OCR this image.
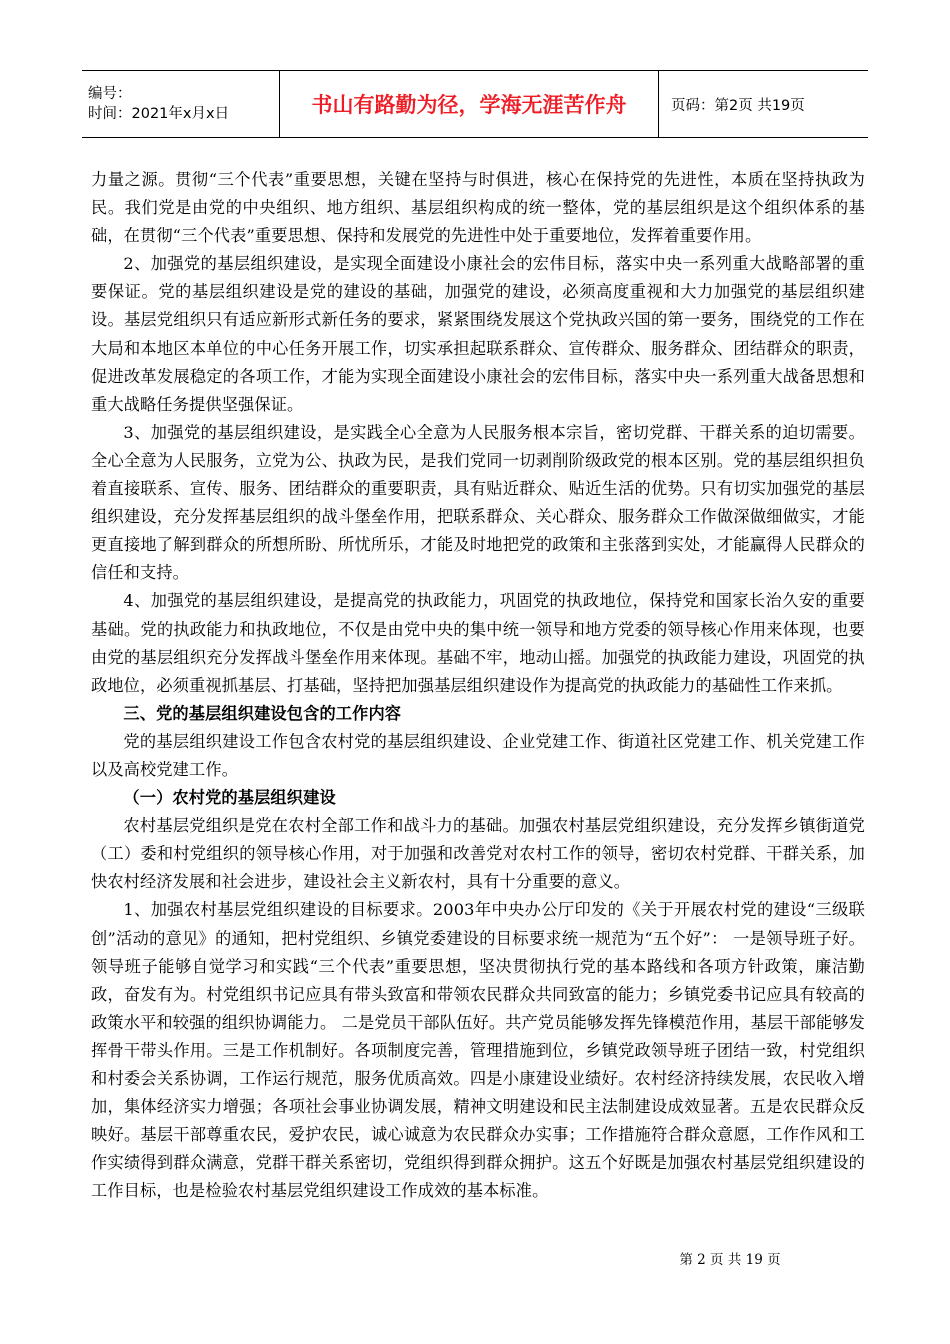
编号：
时间：2021年x月x日	书山有路勤为径，学海无涯苦作舟	页码：第2页 共19页

力量之源。贯彻“三个代表”重要思想，关键在坚持与时俱进，核心在保持党的先进性，本质在坚持执政为民。我们党是由党的中央组织、地方组织、基层组织构成的统一整体，党的基层组织是这个组织体系的基础，在贯彻“三个代表”重要思想、保持和发展党的先进性中处于重要地位，发挥着重要作用。

2、加强党的基层组织建设，是实现全面建设小康社会的宏伟目标，落实中央一系列重大战略部署的重要保证。党的基层组织建设是党的建设的基础，加强党的建设，必须高度重视和大力加强党的基层组织建设。基层党组织只有适应新形式新任务的要求，紧紧围绕发展这个党执政兴国的第一要务，围绕党的工作在大局和本地区本单位的中心任务开展工作，切实承担起联系群众、宣传群众、服务群众、团结群众的职责，促进改革发展稳定的各项工作，才能为实现全面建设小康社会的宏伟目标，落实中央一系列重大战备思想和重大战略任务提供坚强保证。

3、加强党的基层组织建设，是实践全心全意为人民服务根本宗旨，密切党群、干群关系的迫切需要。全心全意为人民服务，立党为公、执政为民，是我们党同一切剥削阶级政党的根本区别。党的基层组织担负着直接联系、宣传、服务、团结群众的重要职责，具有贴近群众、贴近生活的优势。只有切实加强党的基层组织建设，充分发挥基层组织的战斗堡垒作用，把联系群众、关心群众、服务群众工作做深做细做实，才能更直接地了解到群众的所想所盼、所忧所乐，才能及时地把党的政策和主张落到实处，才能赢得人民群众的信任和支持。

4、加强党的基层组织建设，是提高党的执政能力，巩固党的执政地位，保持党和国家长治久安的重要基础。党的执政能力和执政地位，不仅是由党中央的集中统一领导和地方党委的领导核心作用来体现，也要由党的基层组织充分发挥战斗堡垒作用来体现。基础不牢，地动山摇。加强党的执政能力建设，巩固党的执政地位，必须重视抓基层、打基础，坚持把加强基层组织建设作为提高党的执政能力的基础性工作来抓。

三、党的基层组织建设包含的工作内容

党的基层组织建设工作包含农村党的基层组织建设、企业党建工作、街道社区党建工作、机关党建工作以及高校党建工作。

（一）农村党的基层组织建设

农村基层党组织是党在农村全部工作和战斗力的基础。加强农村基层党组织建设，充分发挥乡镇街道党（工）委和村党组织的领导核心作用，对于加强和改善党对农村工作的领导，密切农村党群、干群关系，加快农村经济发展和社会进步，建设社会主义新农村，具有十分重要的意义。

1、加强农村基层党组织建设的目标要求。2003年中央办公厅印发的《关于开展农村党的建设“三级联创”活动的意见》的通知，把村党组织、乡镇党委建设的目标要求统一规范为“五个好”： 一是领导班子好。领导班子能够自觉学习和实践“三个代表”重要思想，坚决贯彻执行党的基本路线和各项方针政策，廉洁勤政，奋发有为。村党组织书记应具有带头致富和带领农民群众共同致富的能力；乡镇党委书记应具有较高的政策水平和较强的组织协调能力。 二是党员干部队伍好。共产党员能够发挥先锋模范作用，基层干部能够发挥骨干带头作用。三是工作机制好。各项制度完善，管理措施到位，乡镇党政领导班子团结一致，村党组织和村委会关系协调，工作运行规范，服务优质高效。四是小康建设业绩好。农村经济持续发展，农民收入增加，集体经济实力增强；各项社会事业协调发展，精神文明建设和民主法制建设成效显著。五是农民群众反映好。基层干部尊重农民，爱护农民，诚心诚意为农民群众办实事；工作措施符合群众意愿，工作作风和工作实绩得到群众满意，党群干群关系密切，党组织得到群众拥护。这五个好既是加强农村基层党组织建设的工作目标，也是检验农村基层党组织建设工作成效的基本标准。

第 2 页 共 19 页
